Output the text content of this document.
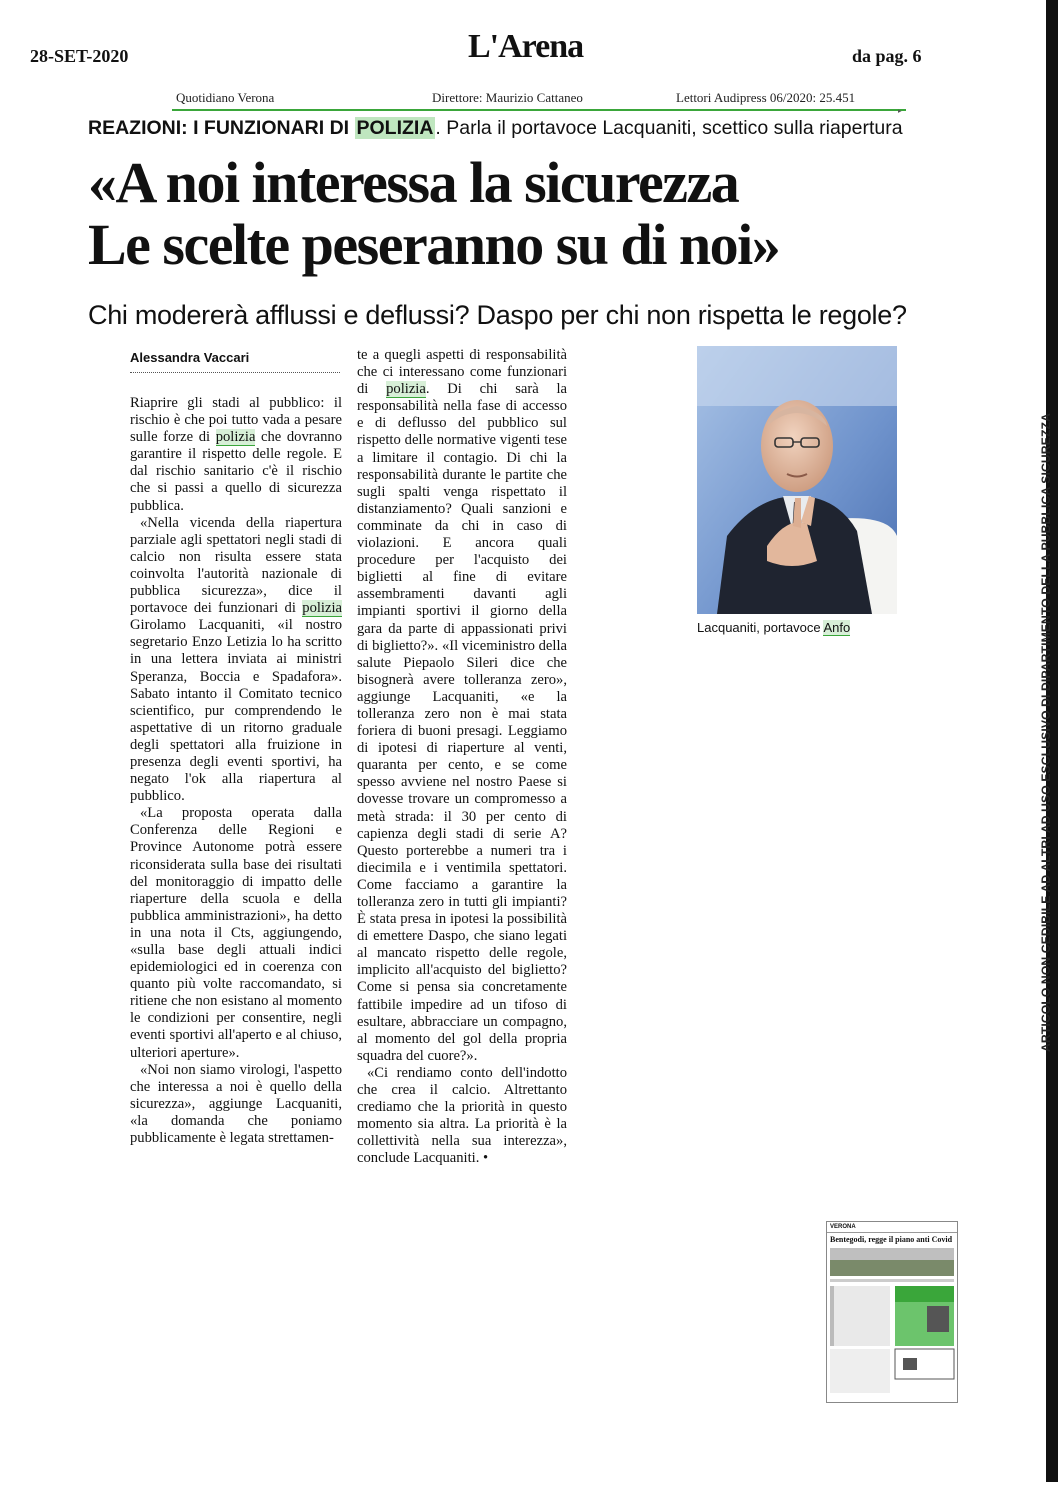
28-SET-2020	L'Arena	da pag. 6
Quotidiano Verona	Direttore: Maurizio Cattaneo	Lettori Audipress 06/2020: 25.451
▸
REAZIONI: I FUNZIONARI DI POLIZIA . Parla il portavoce Lacquaniti, scettico sulla riapertura
«A noi interessa la sicurezza
Le scelte peseranno su di noi»
Chi modererà afflussi e deflussi? Daspo per chi non rispetta le regole?
Alessandra Vaccari

Riaprire gli stadi al pubblico: il rischio è che poi tutto vada a pesare sulle forze di polizia che dovranno garantire il rispetto delle regole. E dal rischio sanitario c'è il rischio che si passi a quello di sicurezza pubblica.

«Nella vicenda della riapertura parziale agli spettatori negli stadi di calcio non risulta essere stata coinvolta l'autorità nazionale di pubblica sicurezza», dice il portavoce dei funzionari di polizia Girolamo Lacquaniti, «il nostro segretario Enzo Letizia lo ha scritto in una lettera inviata ai ministri Speranza, Boccia e Spadafora». Sabato intanto il Comitato tecnico scientifico, pur comprendendo le aspettative di un ritorno graduale degli spettatori alla fruizione in presenza degli eventi sportivi, ha negato l'ok alla riapertura al pubblico.

«La proposta operata dalla Conferenza delle Regioni e Province Autonome potrà essere riconsiderata sulla base dei risultati del monitoraggio di impatto delle riaperture della scuola e della pubblica amministrazioni», ha detto in una nota il Cts, aggiungendo, «sulla base degli attuali indici epidemiologici ed in coerenza con quanto più volte raccomandato, si ritiene che non esistano al momento le condizioni per consentire, negli eventi sportivi all'aperto e al chiuso, ulteriori aperture».

«Noi non siamo virologi, l'aspetto che interessa a noi è quello della sicurezza», aggiunge Lacquaniti, «la domanda che poniamo pubblicamente è legata strettamen-

te a quegli aspetti di responsabilità che ci interessano come funzionari di polizia. Di chi sarà la responsabilità nella fase di accesso e di deflusso del pubblico sul rispetto delle normative vigenti tese a limitare il contagio. Di chi la responsabilità durante le partite che sugli spalti venga rispettato il distanziamento? Quali sanzioni e comminate da chi in caso di violazioni. E ancora quali procedure per l'acquisto dei biglietti al fine di evitare assembramenti davanti agli impianti sportivi il giorno della gara da parte di appassionati privi di biglietto?». «Il viceministro della salute Piepaolo Sileri dice che bisognerà avere tolleranza zero», aggiunge Lacquaniti, «e la tolleranza zero non è mai stata foriera di buoni presagi. Leggiamo di ipotesi di riaperture al venti, quaranta per cento, e se come spesso avviene nel nostro Paese si dovesse trovare un compromesso a metà strada: il 30 per cento di capienza degli stadi di serie A? Questo porterebbe a numeri tra i diecimila e i ventimila spettatori. Come facciamo a garantire la tolleranza zero in tutti gli impianti? È stata presa in ipotesi la possibilità di emettere Daspo, che siano legati al mancato rispetto delle regole, implicito all'acquisto del biglietto? Come si pensa sia concretamente fattibile impedire ad un tifoso di esultare, abbracciare un compagno, al momento del gol della propria squadra del cuore?».

«Ci rendiamo conto dell'indotto che crea il calcio. Altrettanto crediamo che la priorità in questo momento sia altra. La priorità è la collettività nella sua interezza», conclude Lacquaniti. •

Lacquaniti, portavoce Anfo
VERONA
Bentegodi, regge il piano anti Covid
ARTICOLO NON CEDIBILE AD ALTRI AD USO ESCLUSIVO DI DIPARTIMENTO DELLA PUBBLICA SICUREZZA
